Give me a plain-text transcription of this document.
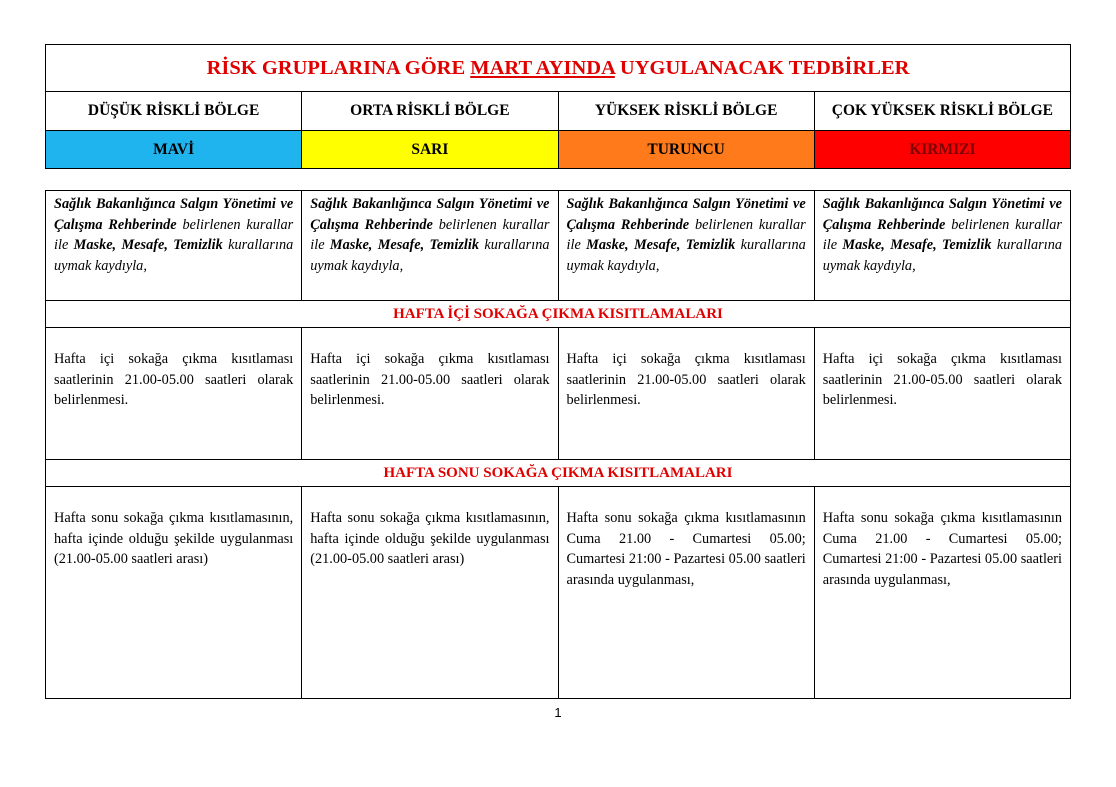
RİSK GRUPLARINA GÖRE MART AYINDA UYGULANACAK TEDBİRLER			
DÜŞÜK RİSKLİ BÖLGE	ORTA RİSKLİ BÖLGE	YÜKSEK RİSKLİ BÖLGE	ÇOK YÜKSEK RİSKLİ BÖLGE
MAVİ	SARI	TURUNCU	KIRMIZI
Sağlık Bakanlığınca Salgın Yönetimi ve Çalışma Rehberinde belirlenen kurallar ile Maske, Mesafe, Temizlik kurallarına uymak kaydıyla,	Sağlık Bakanlığınca Salgın Yönetimi ve Çalışma Rehberinde belirlenen kurallar ile Maske, Mesafe, Temizlik kurallarına uymak kaydıyla,	Sağlık Bakanlığınca Salgın Yönetimi ve Çalışma Rehberinde belirlenen kurallar ile Maske, Mesafe, Temizlik kurallarına uymak kaydıyla,	Sağlık Bakanlığınca Salgın Yönetimi ve Çalışma Rehberinde belirlenen kurallar ile Maske, Mesafe, Temizlik kurallarına uymak kaydıyla,
HAFTA İÇİ SOKAĞA ÇIKMA KISITLAMALARI			
Hafta içi sokağa çıkma kısıtlaması saatlerinin 21.00-05.00 saatleri olarak belirlenmesi.	Hafta içi sokağa çıkma kısıtlaması saatlerinin 21.00-05.00 saatleri olarak belirlenmesi.	Hafta içi sokağa çıkma kısıtlaması saatlerinin 21.00-05.00 saatleri olarak belirlenmesi.	Hafta içi sokağa çıkma kısıtlaması saatlerinin 21.00-05.00 saatleri olarak belirlenmesi.
HAFTA SONU SOKAĞA ÇIKMA KISITLAMALARI			
Hafta sonu sokağa çıkma kısıtlamasının, hafta içinde olduğu şekilde uygulanması (21.00-05.00 saatleri arası)	Hafta sonu sokağa çıkma kısıtlamasının, hafta içinde olduğu şekilde uygulanması (21.00-05.00 saatleri arası)	Hafta sonu sokağa çıkma kısıtlamasının Cuma 21.00 - Cumartesi 05.00; Cumartesi 21:00 - Pazartesi 05.00 saatleri arasında uygulanması,	Hafta sonu sokağa çıkma kısıtlamasının Cuma 21.00 - Cumartesi 05.00; Cumartesi 21:00 - Pazartesi 05.00 saatleri arasında uygulanması,
1
